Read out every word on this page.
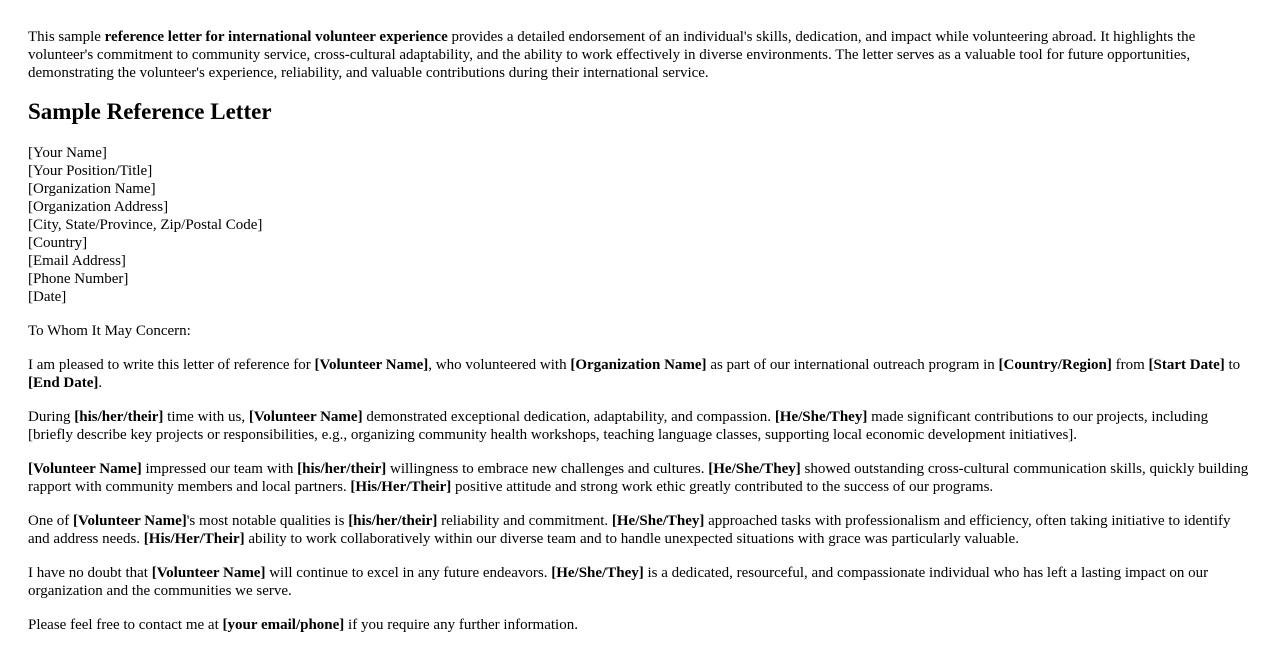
This sample reference letter for international volunteer experience provides a detailed endorsement of an individual's skills, dedication, and impact while volunteering abroad. It highlights the volunteer's commitment to community service, cross-cultural adaptability, and the ability to work effectively in diverse environments. The letter serves as a valuable tool for future opportunities, demonstrating the volunteer's experience, reliability, and valuable contributions during their international service.

Sample Reference Letter
[Your Name]
[Your Position/Title]
[Organization Name]
[Organization Address]
[City, State/Province, Zip/Postal Code]
[Country]
[Email Address]
[Phone Number]
[Date]

To Whom It May Concern:

I am pleased to write this letter of reference for [Volunteer Name], who volunteered with [Organization Name] as part of our international outreach program in [Country/Region] from [Start Date] to [End Date].

During [his/her/their] time with us, [Volunteer Name] demonstrated exceptional dedication, adaptability, and compassion. [He/She/They] made significant contributions to our projects, including [briefly describe key projects or responsibilities, e.g., organizing community health workshops, teaching language classes, supporting local economic development initiatives].

[Volunteer Name] impressed our team with [his/her/their] willingness to embrace new challenges and cultures. [He/She/They] showed outstanding cross-cultural communication skills, quickly building rapport with community members and local partners. [His/Her/Their] positive attitude and strong work ethic greatly contributed to the success of our programs.

One of [Volunteer Name]'s most notable qualities is [his/her/their] reliability and commitment. [He/She/They] approached tasks with professionalism and efficiency, often taking initiative to identify and address needs. [His/Her/Their] ability to work collaboratively within our diverse team and to handle unexpected situations with grace was particularly valuable.

I have no doubt that [Volunteer Name] will continue to excel in any future endeavors. [He/She/They] is a dedicated, resourceful, and compassionate individual who has left a lasting impact on our organization and the communities we serve.

Please feel free to contact me at [your email/phone] if you require any further information.
